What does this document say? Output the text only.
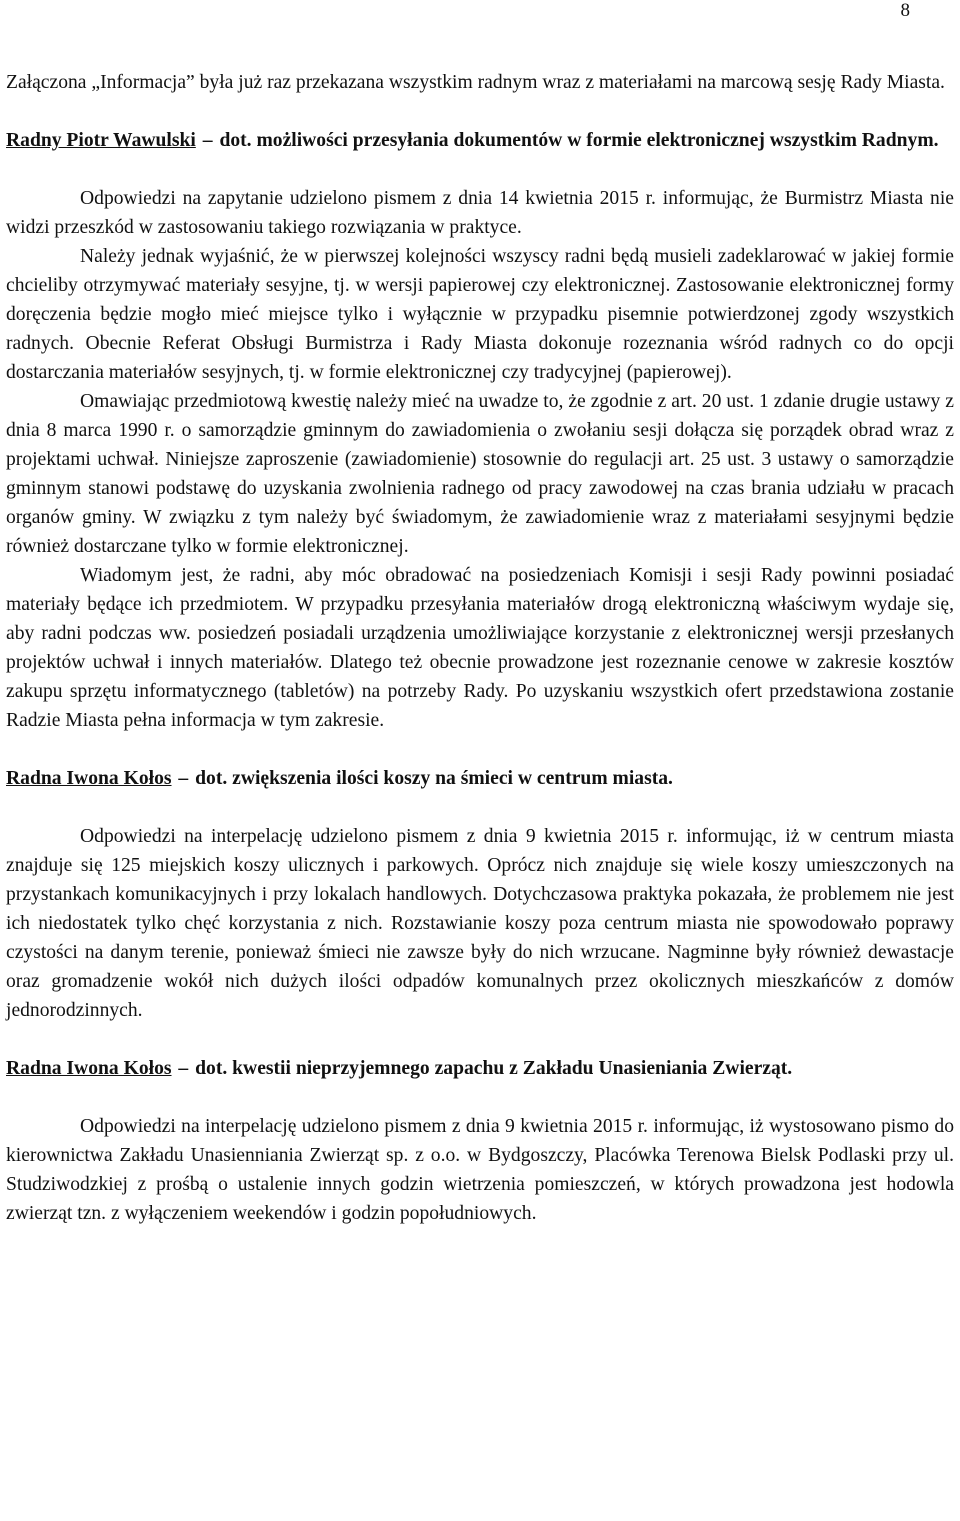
8

Załączona „Informacja” była już raz przekazana wszystkim radnym wraz z materiałami na marcową sesję Rady Miasta.

Radny Piotr Wawulski – dot. możliwości przesyłania dokumentów w formie elektronicznej wszystkim Radnym.

Odpowiedzi na zapytanie udzielono pismem z dnia 14 kwietnia 2015 r. informując, że Burmistrz Miasta nie widzi przeszkód w zastosowaniu takiego rozwiązania w praktyce.

Należy jednak wyjaśnić, że w pierwszej kolejności wszyscy radni będą musieli zadeklarować w jakiej formie chcieliby otrzymywać materiały sesyjne, tj. w wersji papierowej czy elektronicznej. Zastosowanie elektronicznej formy doręczenia będzie mogło mieć miejsce tylko i wyłącznie w przypadku pisemnie potwierdzonej zgody wszystkich radnych. Obecnie Referat Obsługi Burmistrza i Rady Miasta dokonuje rozeznania wśród radnych co do opcji dostarczania materiałów sesyjnych, tj. w formie elektronicznej czy tradycyjnej (papierowej).

Omawiając przedmiotową kwestię należy mieć na uwadze to, że zgodnie z art. 20 ust. 1 zdanie drugie ustawy z dnia 8 marca 1990 r. o samorządzie gminnym do zawiadomienia o zwołaniu sesji dołącza się porządek obrad wraz z projektami uchwał. Niniejsze zaproszenie (zawiadomienie) stosownie do regulacji art. 25 ust. 3 ustawy o samorządzie gminnym stanowi podstawę do uzyskania zwolnienia radnego od pracy zawodowej na czas brania udziału w pracach organów gminy. W związku z tym należy być świadomym, że zawiadomienie wraz z materiałami sesyjnymi będzie również dostarczane tylko w formie elektronicznej.

Wiadomym jest, że radni, aby móc obradować na posiedzeniach Komisji i sesji Rady powinni posiadać materiały będące ich przedmiotem. W przypadku przesyłania materiałów drogą elektroniczną właściwym wydaje się, aby radni podczas ww. posiedzeń posiadali urządzenia umożliwiające korzystanie z elektronicznej wersji przesłanych projektów uchwał i innych materiałów. Dlatego też obecnie prowadzone jest rozeznanie cenowe w zakresie kosztów zakupu sprzętu informatycznego (tabletów) na potrzeby Rady. Po uzyskaniu wszystkich ofert przedstawiona zostanie Radzie Miasta pełna informacja w tym zakresie.

Radna Iwona Kołos – dot. zwiększenia ilości koszy na śmieci w centrum miasta.

Odpowiedzi na interpelację udzielono pismem z dnia 9 kwietnia 2015 r. informując, iż w centrum miasta znajduje się 125 miejskich koszy ulicznych i parkowych. Oprócz nich znajduje się wiele koszy umieszczonych na przystankach komunikacyjnych i przy lokalach handlowych. Dotychczasowa praktyka pokazała, że problemem nie jest ich niedostatek tylko chęć korzystania z nich. Rozstawianie koszy poza centrum miasta nie spowodowało poprawy czystości na danym terenie, ponieważ śmieci nie zawsze były do nich wrzucane. Nagminne były również dewastacje oraz gromadzenie wokół nich dużych ilości odpadów komunalnych przez okolicznych mieszkańców z domów jednorodzinnych.

Radna Iwona Kołos – dot. kwestii nieprzyjemnego zapachu z Zakładu Unasieniania Zwierząt.

Odpowiedzi na interpelację udzielono pismem z dnia 9 kwietnia 2015 r. informując, iż wystosowano pismo do kierownictwa Zakładu Unasienniania Zwierząt sp. z o.o. w Bydgoszczy, Placówka Terenowa Bielsk Podlaski przy ul. Studziwodzkiej z prośbą o ustalenie innych godzin wietrzenia pomieszczeń, w których prowadzona jest hodowla zwierząt tzn. z wyłączeniem weekendów i godzin popołudniowych.
